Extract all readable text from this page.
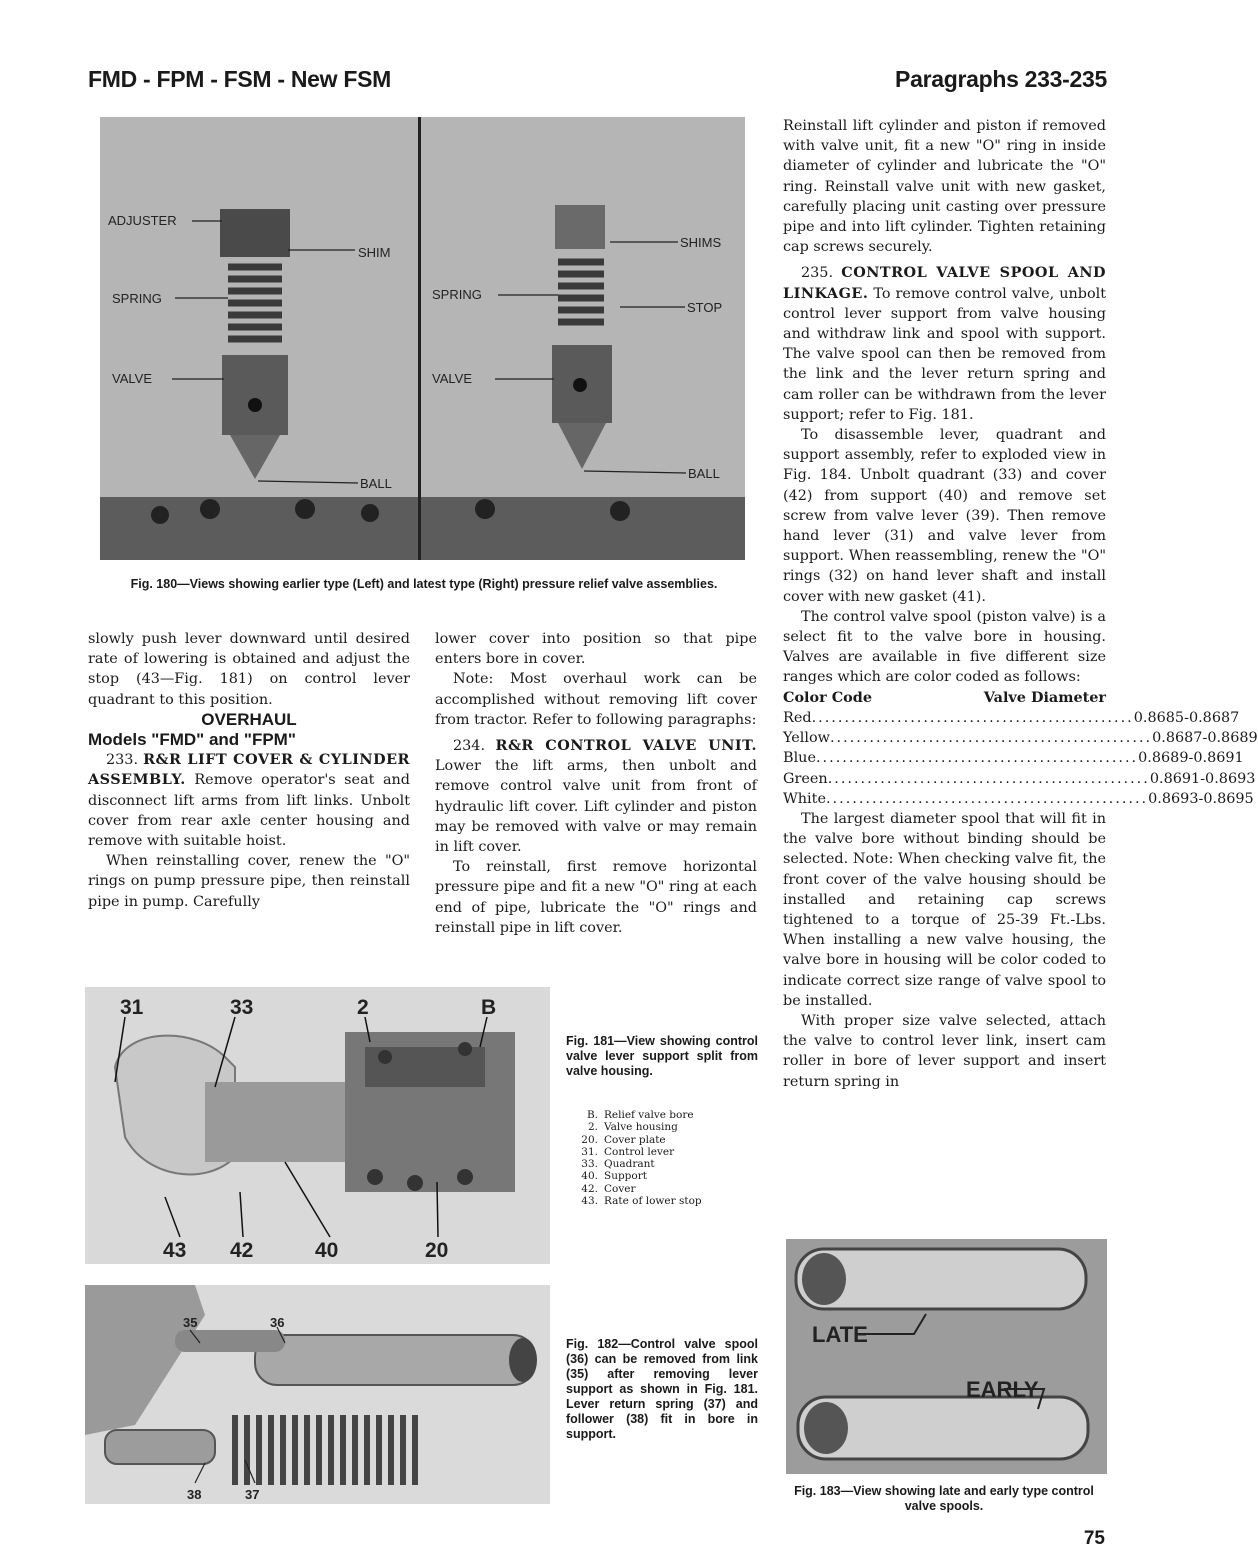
FMD - FPM - FSM - New FSM	Paragraphs 233-235
ADJUSTER
SHIM
SPRING
VALVE
BALL
SHIMS
SPRING
STOP
VALVE
BALL
Fig. 180—Views showing earlier type (Left) and latest type (Right) pressure relief valve assemblies.

slowly push lever downward until desired rate of lowering is obtained and adjust the stop (43—Fig. 181) on control lever quadrant to this position.

OVERHAUL

Models "FMD" and "FPM"

233. R&R LIFT COVER & CYLINDER ASSEMBLY. Remove operator's seat and disconnect lift arms from lift links. Unbolt cover from rear axle center housing and remove with suitable hoist.

When reinstalling cover, renew the "O" rings on pump pressure pipe, then reinstall pipe in pump. Carefully

lower cover into position so that pipe enters bore in cover.

Note: Most overhaul work can be accomplished without removing lift cover from tractor. Refer to following paragraphs:

234. R&R CONTROL VALVE UNIT. Lower the lift arms, then unbolt and remove control valve unit from front of hydraulic lift cover. Lift cylinder and piston may be removed with valve or may remain in lift cover.

To reinstall, first remove horizontal pressure pipe and fit a new "O" ring at each end of pipe, lubricate the "O" rings and reinstall pipe in lift cover.

Reinstall lift cylinder and piston if removed with valve unit, fit a new "O" ring in inside diameter of cylinder and lubricate the "O" ring. Reinstall valve unit with new gasket, carefully placing unit casting over pressure pipe and into lift cylinder. Tighten retaining cap screws securely.

235. CONTROL VALVE SPOOL AND LINKAGE. To remove control valve, unbolt control lever support from valve housing and withdraw link and spool with support. The valve spool can then be removed from the link and the lever return spring and cam roller can be withdrawn from the lever support; refer to Fig. 181.

To disassemble lever, quadrant and support assembly, refer to exploded view in Fig. 184. Unbolt quadrant (33) and cover (42) from support (40) and remove set screw from valve lever (39). Then remove hand lever (31) and valve lever from support. When reassembling, renew the "O" rings (32) on hand lever shaft and install cover with new gasket (41).

The control valve spool (piston valve) is a select fit to the valve bore in housing. Valves are available in five different size ranges which are color coded as follows:

Color Code	Valve Diameter
Red ................................................. 0.8685-0.8687
Yellow ................................................. 0.8687-0.8689
Blue ................................................. 0.8689-0.8691
Green ................................................. 0.8691-0.8693
White ................................................. 0.8693-0.8695

The largest diameter spool that will fit in the valve bore without binding should be selected. Note: When checking valve fit, the front cover of the valve housing should be installed and retaining cap screws tightened to a torque of 25-39 Ft.-Lbs. When installing a new valve housing, the valve bore in housing will be color coded to indicate correct size range of valve spool to be installed.

With proper size valve selected, attach the valve to control lever link, insert cam roller in bore of lever support and insert return spring in

31	33	2	B
43 42	40	20
Fig. 181—View showing control valve lever support split from valve housing.
B. Relief valve bore
2. Valve housing
20. Cover plate
31. Control lever
33. Quadrant
40. Support
42. Cover
43. Rate of lower stop
35	36
38	37
Fig. 182—Control valve spool (36) can be removed from link (35) after removing lever support as shown in Fig. 181. Lever return spring (37) and follower (38) fit in bore in support.
LATE
EARLY
Fig. 183—View showing late and early type control valve spools.
75
